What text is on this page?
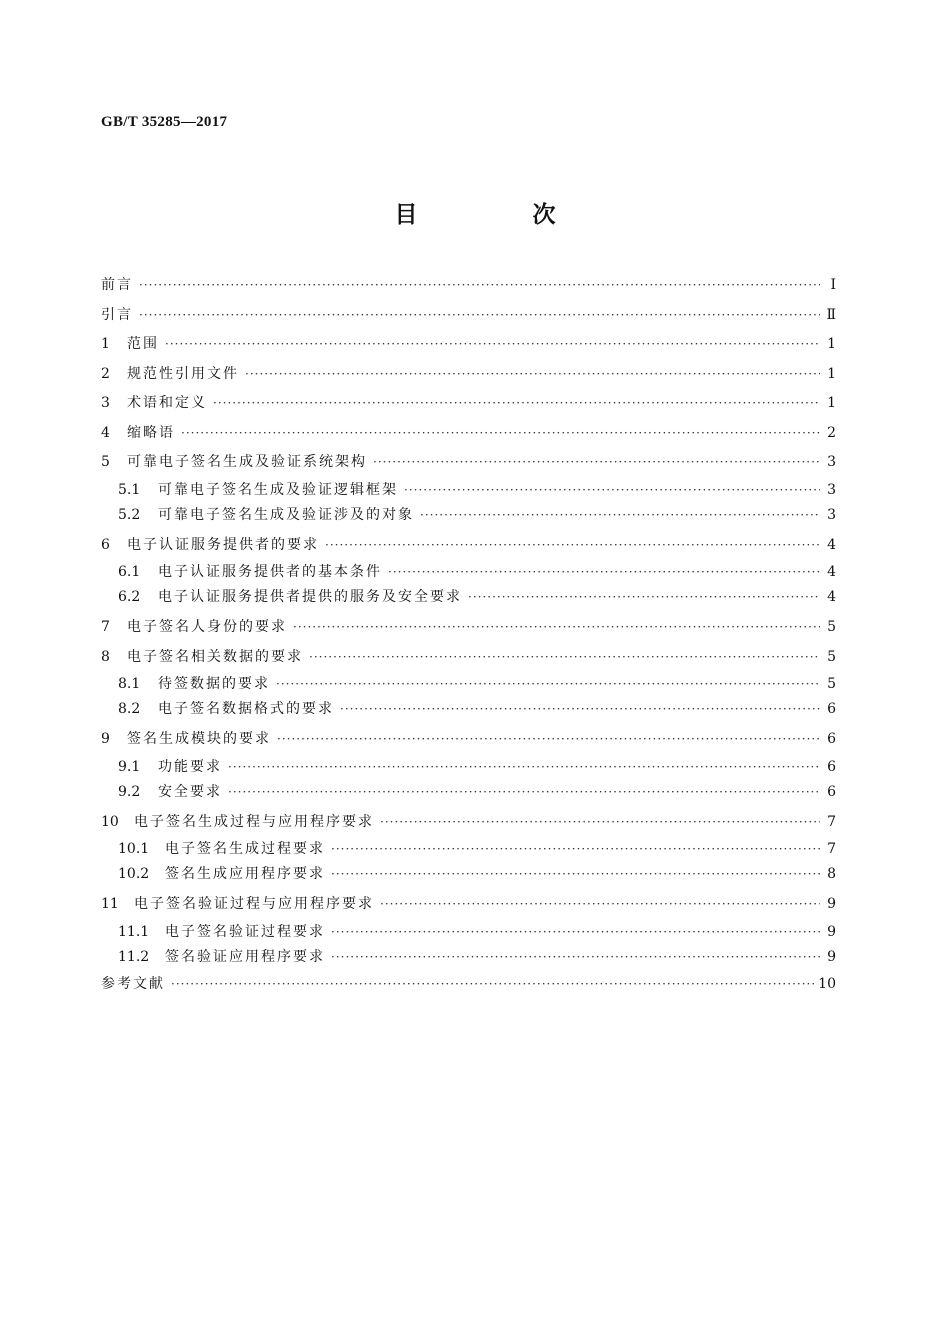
GB/T 35285—2017
目　次
前言 ·····	Ⅰ
引言 ·····	Ⅱ
1	范围 ·····	1
2	规范性引用文件 ·····	1
3	术语和定义 ·····	1
4	缩略语 ·····	2
5	可靠电子签名生成及验证系统架构 ·····	3
5.1	可靠电子签名生成及验证逻辑框架 ·····	3
5.2	可靠电子签名生成及验证涉及的对象 ·····	3
6	电子认证服务提供者的要求 ·····	4
6.1	电子认证服务提供者的基本条件 ·····	4
6.2	电子认证服务提供者提供的服务及安全要求 ·····	4
7	电子签名人身份的要求 ·····	5
8	电子签名相关数据的要求 ·····	5
8.1	待签数据的要求 ·····	5
8.2	电子签名数据格式的要求 ·····	6
9	签名生成模块的要求 ·····	6
9.1	功能要求 ·····	6
9.2	安全要求 ·····	6
10	电子签名生成过程与应用程序要求 ·····	7
10.1	电子签名生成过程要求 ·····	7
10.2	签名生成应用程序要求 ·····	8
11	电子签名验证过程与应用程序要求 ·····	9
11.1	电子签名验证过程要求 ·····	9
11.2	签名验证应用程序要求 ·····	9
参考文献 ·····	10
